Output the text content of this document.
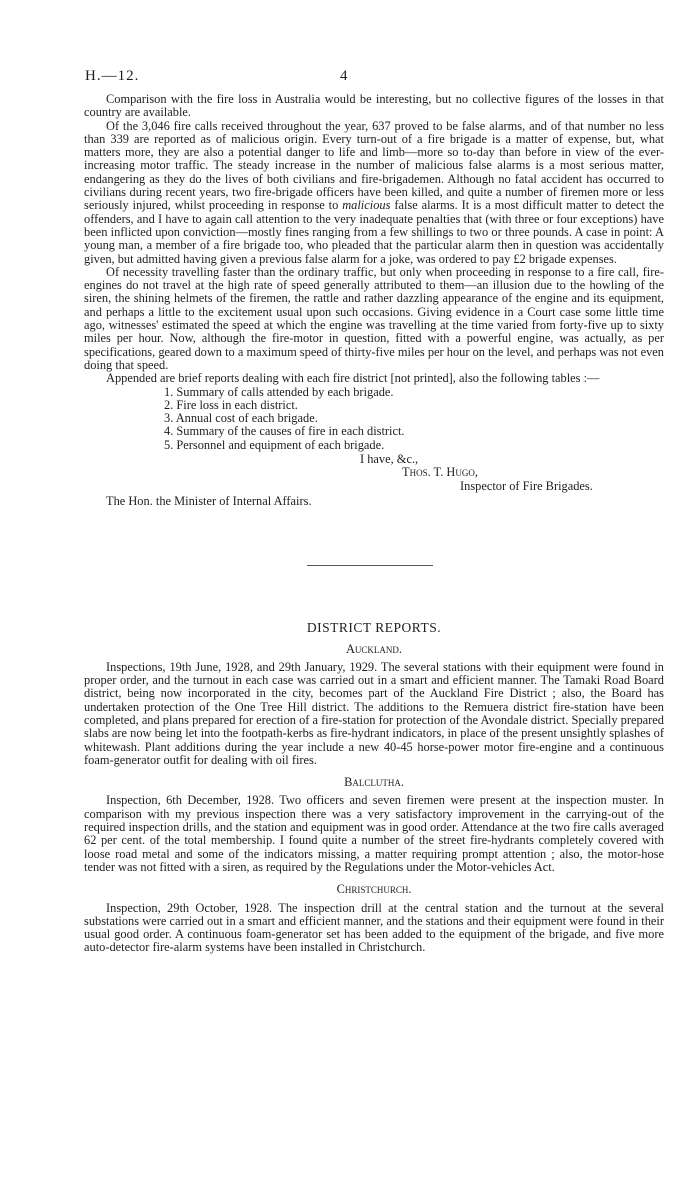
H.—12.	4

Comparison with the fire loss in Australia would be interesting, but no collective figures of the losses in that country are available.

Of the 3,046 fire calls received throughout the year, 637 proved to be false alarms, and of that number no less than 339 are reported as of malicious origin. Every turn-out of a fire brigade is a matter of expense, but, what matters more, they are also a potential danger to life and limb—more so to-day than before in view of the ever-increasing motor traffic. The steady increase in the number of malicious false alarms is a most serious matter, endangering as they do the lives of both civilians and fire-brigademen. Although no fatal accident has occurred to civilians during recent years, two fire-brigade officers have been killed, and quite a number of firemen more or less seriously injured, whilst proceeding in response to malicious false alarms. It is a most difficult matter to detect the offenders, and I have to again call attention to the very inadequate penalties that (with three or four exceptions) have been inflicted upon conviction—mostly fines ranging from a few shillings to two or three pounds. A case in point: A young man, a member of a fire brigade too, who pleaded that the particular alarm then in question was accidentally given, but admitted having given a previous false alarm for a joke, was ordered to pay £2 brigade expenses.

Of necessity travelling faster than the ordinary traffic, but only when proceeding in response to a fire call, fire-engines do not travel at the high rate of speed generally attributed to them—an illusion due to the howling of the siren, the shining helmets of the firemen, the rattle and rather dazzling appearance of the engine and its equipment, and perhaps a little to the excitement usual upon such occasions. Giving evidence in a Court case some little time ago, witnesses' estimated the speed at which the engine was travelling at the time varied from forty-five up to sixty miles per hour. Now, although the fire-motor in question, fitted with a powerful engine, was actually, as per specifications, geared down to a maximum speed of thirty-five miles per hour on the level, and perhaps was not even doing that speed.

Appended are brief reports dealing with each fire district [not printed], also the following tables :—

1. Summary of calls attended by each brigade.
2. Fire loss in each district.
3. Annual cost of each brigade.
4. Summary of the causes of fire in each district.
5. Personnel and equipment of each brigade.
I have, &c.,
Thos. T. Hugo,
Inspector of Fire Brigades.
The Hon. the Minister of Internal Affairs.
DISTRICT REPORTS.
Auckland.

Inspections, 19th June, 1928, and 29th January, 1929. The several stations with their equipment were found in proper order, and the turnout in each case was carried out in a smart and efficient manner. The Tamaki Road Board district, being now incorporated in the city, becomes part of the Auckland Fire District ; also, the Board has undertaken protection of the One Tree Hill district. The additions to the Remuera district fire-station have been completed, and plans prepared for erection of a fire-station for protection of the Avondale district. Specially prepared slabs are now being let into the footpath-kerbs as fire-hydrant indicators, in place of the present unsightly splashes of whitewash. Plant additions during the year include a new 40-45 horse-power motor fire-engine and a continuous foam-generator outfit for dealing with oil fires.

Balclutha.

Inspection, 6th December, 1928. Two officers and seven firemen were present at the inspection muster. In comparison with my previous inspection there was a very satisfactory improvement in the carrying-out of the required inspection drills, and the station and equipment was in good order. Attendance at the two fire calls averaged 62 per cent. of the total membership. I found quite a number of the street fire-hydrants completely covered with loose road metal and some of the indicators missing, a matter requiring prompt attention ; also, the motor-hose tender was not fitted with a siren, as required by the Regulations under the Motor-vehicles Act.

Christchurch.

Inspection, 29th October, 1928. The inspection drill at the central station and the turnout at the several substations were carried out in a smart and efficient manner, and the stations and their equipment were found in their usual good order. A continuous foam-generator set has been added to the equipment of the brigade, and five more auto-detector fire-alarm systems have been installed in Christchurch.
